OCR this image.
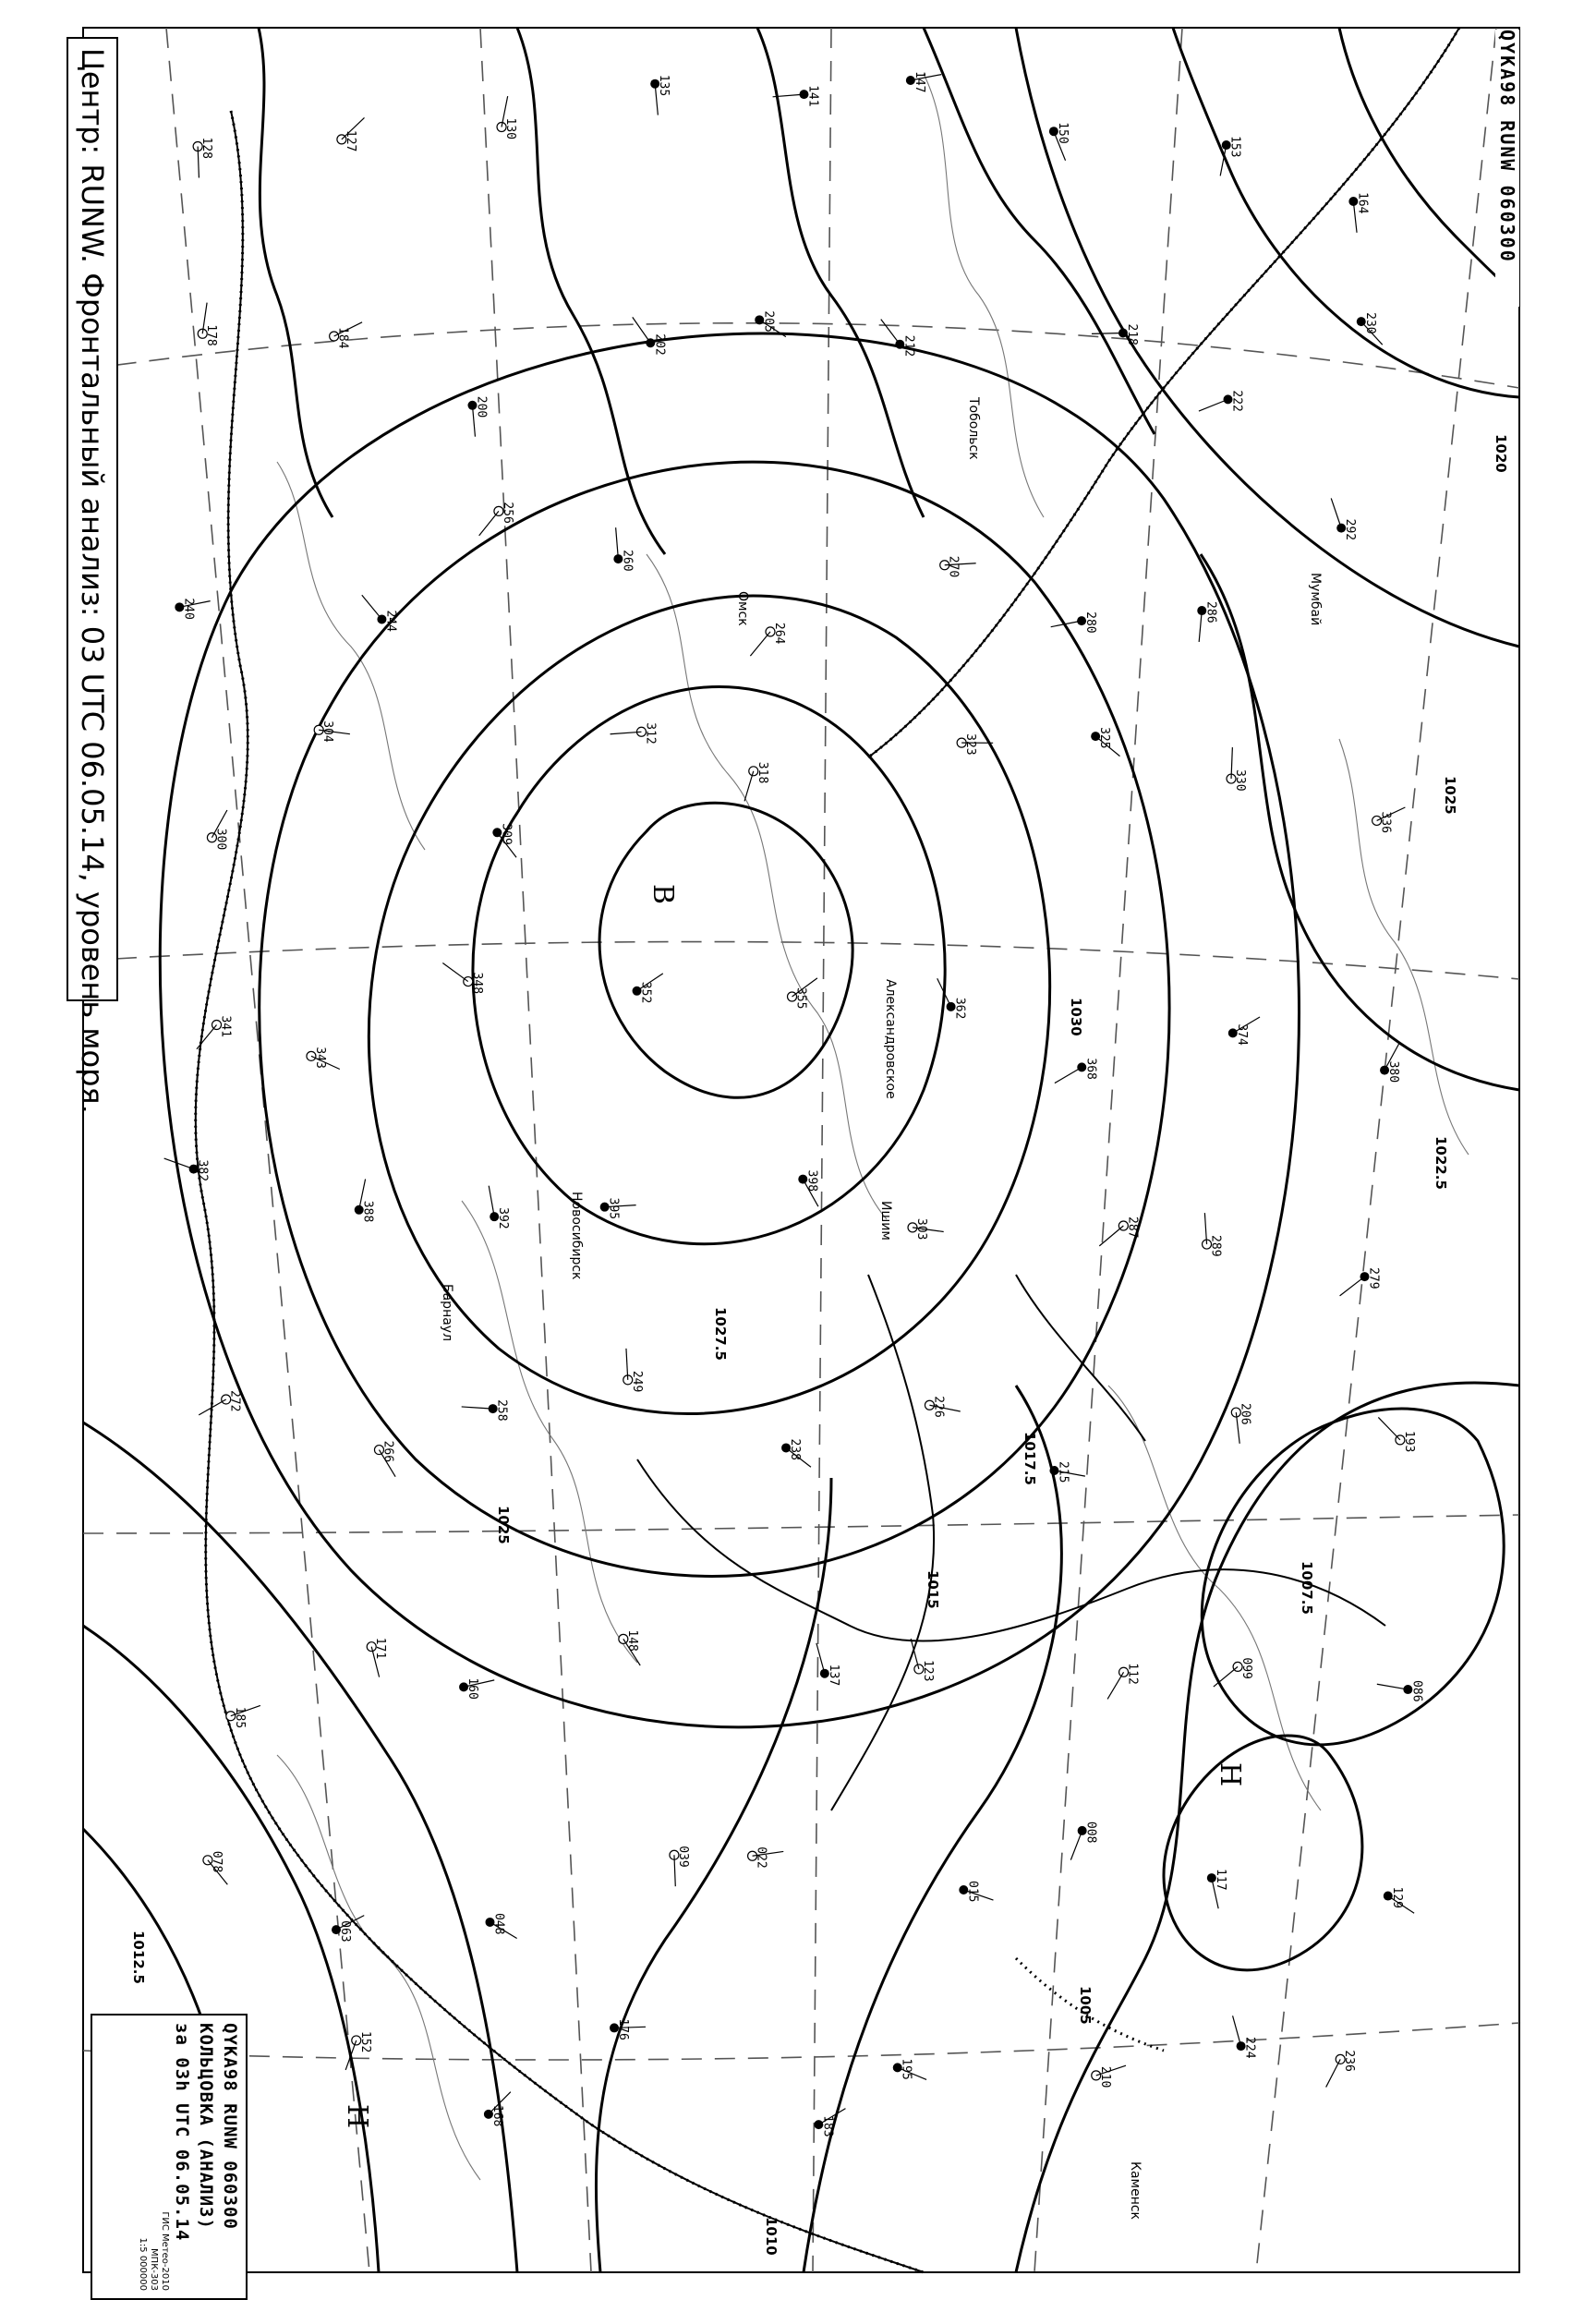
В
Н
Н
1025
1027.5
1030
1022.5
1017.5
1015
1012.5
1010
1007.5
1005
1020
1025
Омск
Новосибирск
Барнаул
Александровское
Тобольск
Каменск
Мумбай
Ишим
128	127
130
135	141
147
150
153
164
178	184
200
202
205
212
218
222
230
240
244
256
260
264
270
280	286
292
300
304
309
312
318
323	325
330
336
341
343
348	352	355	362
368
374
380
382
388	392	395
398
303	287
289
279
272
266
258
249
238
226
215
206
193
185
171
160
148
137	123	112	099
086
078
063	048
039	022
015
008
117
129
152
168
176
183
195	210
224
236
Центр: RUNW. Фронтальный анализ: 03 UTC 06.05.14, уровень моря.	QYKA98 RUNW 060300
QYKA98 RUNW 060300
КОЛЬЦОВКА (АНАЛИЗ)
за 03h UTC 06.05.14
ГИС Метео-2010
МПК-303
1:5 000000
